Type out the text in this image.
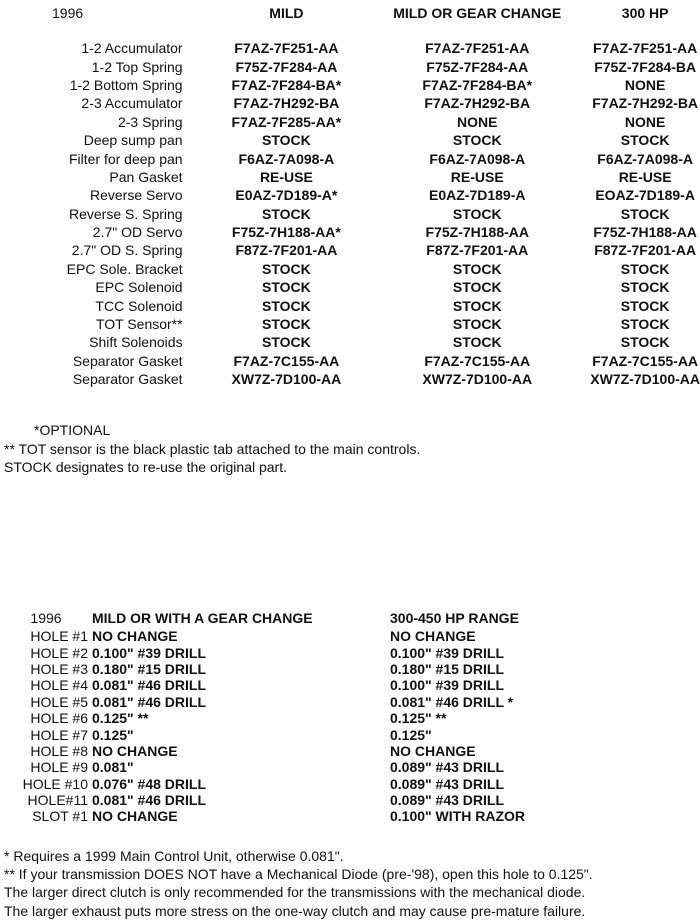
1996	MILD	MILD OR GEAR CHANGE	300 HP

1-2 Accumulator	F7AZ-7F251-AA	F7AZ-7F251-AA	F7AZ-7F251-AA
1-2 Top Spring	F75Z-7F284-AA	F75Z-7F284-AA	F75Z-7F284-BA
1-2 Bottom Spring	F7AZ-7F284-BA*	F7AZ-7F284-BA*	NONE
2-3 Accumulator	F7AZ-7H292-BA	F7AZ-7H292-BA	F7AZ-7H292-BA
2-3 Spring	F7AZ-7F285-AA*	NONE	NONE
Deep sump pan	STOCK	STOCK	STOCK
Filter for deep pan	F6AZ-7A098-A	F6AZ-7A098-A	F6AZ-7A098-A
Pan Gasket	RE-USE	RE-USE	RE-USE
Reverse Servo	E0AZ-7D189-A*	E0AZ-7D189-A	EOAZ-7D189-A
Reverse S. Spring	STOCK	STOCK	STOCK
2.7" OD Servo	F75Z-7H188-AA*	F75Z-7H188-AA	F75Z-7H188-AA
2.7" OD S. Spring	F87Z-7F201-AA	F87Z-7F201-AA	F87Z-7F201-AA
EPC Sole. Bracket	STOCK	STOCK	STOCK
EPC Solenoid	STOCK	STOCK	STOCK
TCC Solenoid	STOCK	STOCK	STOCK
TOT Sensor**	STOCK	STOCK	STOCK
Shift Solenoids	STOCK	STOCK	STOCK
Separator Gasket	F7AZ-7C155-AA	F7AZ-7C155-AA	F7AZ-7C155-AA
Separator Gasket	XW7Z-7D100-AA	XW7Z-7D100-AA	XW7Z-7D100-AA
*OPTIONAL
** TOT sensor is the black plastic tab attached to the main controls.
STOCK designates to re-use the original part.
1996	MILD OR WITH A GEAR CHANGE	300-450 HP RANGE
HOLE #1	NO CHANGE	NO CHANGE
HOLE #2	0.100" #39 DRILL	0.100" #39 DRILL
HOLE #3	0.180" #15 DRILL	0.180" #15 DRILL
HOLE #4	0.081" #46 DRILL	0.100" #39 DRILL
HOLE #5	0.081" #46 DRILL	0.081" #46 DRILL *
HOLE #6	0.125" **	0.125" **
HOLE #7	0.125"	0.125"
HOLE #8	NO CHANGE	NO CHANGE
HOLE #9	0.081"	0.089" #43 DRILL
HOLE #10	0.076" #48 DRILL	0.089" #43 DRILL
HOLE#11	0.081" #46 DRILL	0.089" #43 DRILL
SLOT #1	NO CHANGE	0.100" WITH RAZOR
* Requires a 1999 Main Control Unit, otherwise 0.081".
** If your transmission DOES NOT have a Mechanical Diode (pre-'98), open this hole to 0.125".
The larger direct clutch is only recommended for the transmissions with the mechanical diode.
The larger exhaust puts more stress on the one-way clutch and may cause pre-mature failure.
